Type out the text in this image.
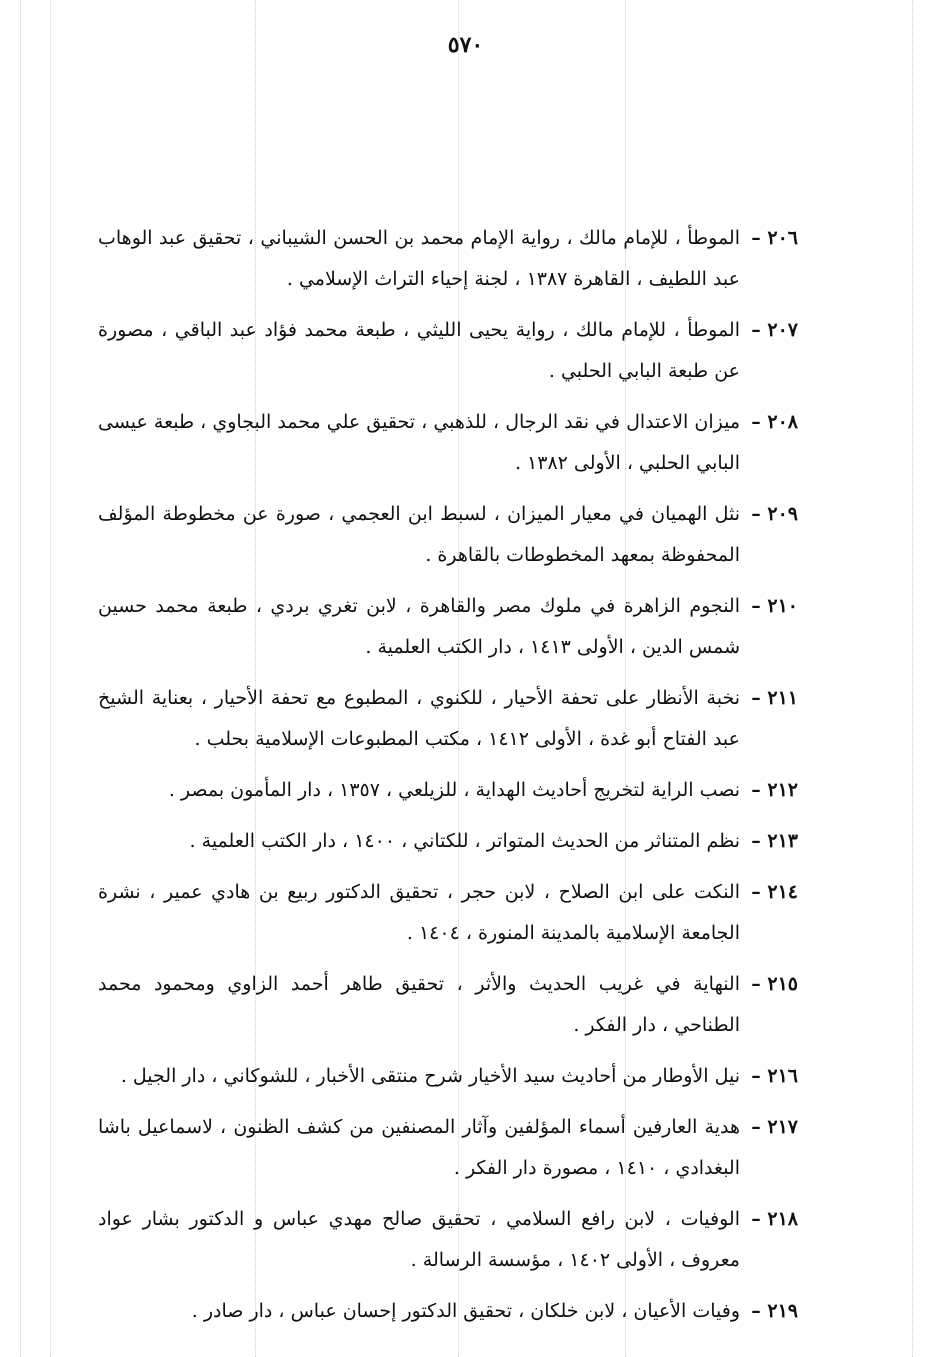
٥٧٠
٢٠٦ –
الموطأ ، للإمام مالك ، رواية الإمام محمد بن الحسن الشيباني ، تحقيق عبد الوهاب عبد اللطيف ، القاهرة ١٣٨٧ ، لجنة إحياء التراث الإسلامي .
٢٠٧ –
الموطأ ، للإمام مالك ، رواية يحيى الليثي ، طبعة محمد فؤاد عبد الباقي ، مصورة عن طبعة البابي الحلبي .
٢٠٨ –
ميزان الاعتدال في نقد الرجال ، للذهبي ، تحقيق علي محمد البجاوي ، طبعة عيسى البابي الحلبي ، الأولى ١٣٨٢ .
٢٠٩ –
نثل الهميان في معيار الميزان ، لسبط ابن العجمي ، صورة عن مخطوطة المؤلف المحفوظة بمعهد المخطوطات بالقاهرة .
٢١٠ –
النجوم الزاهرة في ملوك مصر والقاهرة ، لابن تغري بردي ، طبعة محمد حسين شمس الدين ، الأولى ١٤١٣ ، دار الكتب العلمية .
٢١١ –
نخبة الأنظار على تحفة الأحيار ، للكنوي ، المطبوع مع تحفة الأحيار ، بعناية الشيخ عبد الفتاح أبو غدة ، الأولى ١٤١٢ ، مكتب المطبوعات الإسلامية بحلب .
٢١٢ –
نصب الراية لتخريج أحاديث الهداية ، للزيلعي ، ١٣٥٧ ، دار المأمون بمصر .
٢١٣ –
نظم المتناثر من الحديث المتواتر ، للكتاني ، ١٤٠٠ ، دار الكتب العلمية .
٢١٤ –
النكت على ابن الصلاح ، لابن حجر ، تحقيق الدكتور ربيع بن هادي عمير ، نشرة الجامعة الإسلامية بالمدينة المنورة ، ١٤٠٤ .
٢١٥ –
النهاية في غريب الحديث والأثر ، تحقيق طاهر أحمد الزاوي ومحمود محمد الطناحي ، دار الفكر .
٢١٦ –
نيل الأوطار من أحاديث سيد الأخيار شرح منتقى الأخبار ، للشوكاني ، دار الجيل .
٢١٧ –
هدية العارفين أسماء المؤلفين وآثار المصنفين من كشف الظنون ، لاسماعيل باشا البغدادي ، ١٤١٠ ، مصورة دار الفكر .
٢١٨ –
الوفيات ، لابن رافع السلامي ، تحقيق صالح مهدي عباس و الدكتور بشار عواد معروف ، الأولى ١٤٠٢ ، مؤسسة الرسالة .
٢١٩ –
وفيات الأعيان ، لابن خلكان ، تحقيق الدكتور إحسان عباس ، دار صادر .
